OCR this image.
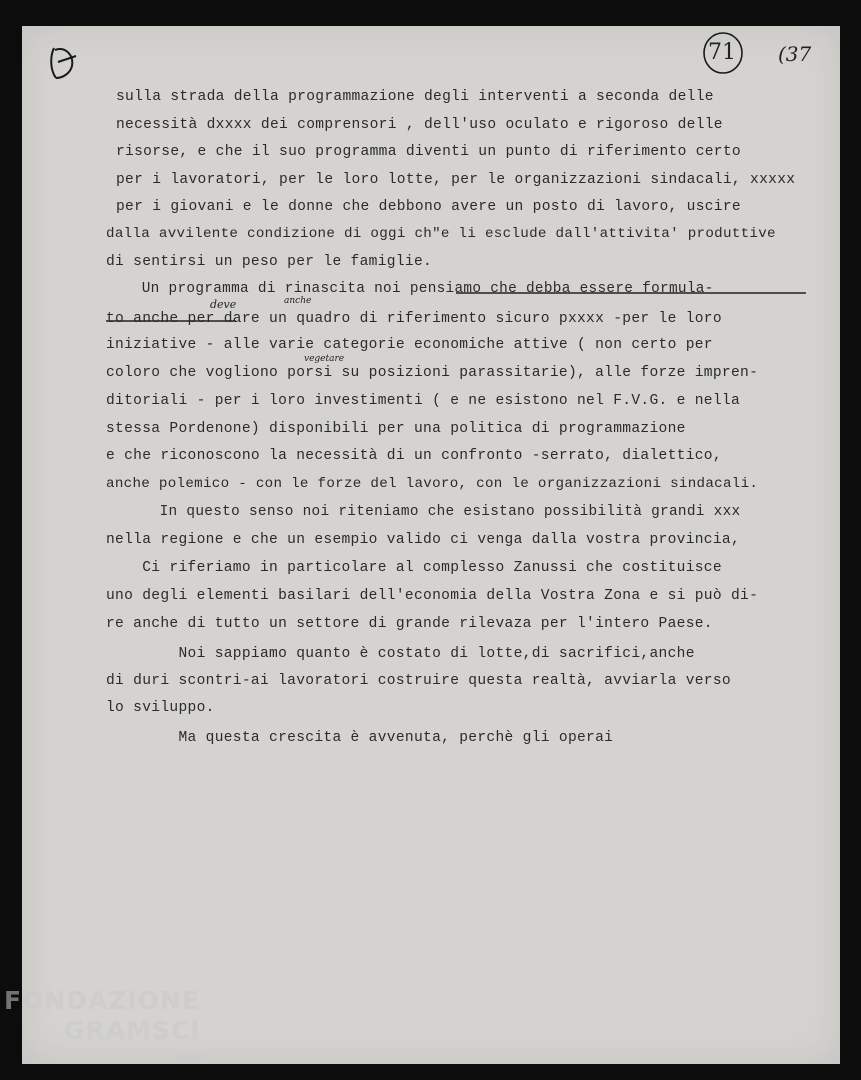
71 (37
sulla strada della programmazione degli interventi a seconda delle
necessità dxxxx dei comprensori , dell'uso oculato e rigoroso delle
risorse, e che il suo programma diventi un punto di riferimento certo
per i lavoratori, per le loro lotte, per le organizzazioni sindacali, xxxxx
per i giovani e le donne che debbono avere un posto di lavoro, uscire
dalla avvilente condizione di oggi ch"e li esclude dall'attivita' produttive
di sentirsi un peso per le famiglie.
Un programma di rinascita noi pensiamo che debba essere formula-
to anche per dare un quadro di riferimento sicuro pxxxx -per le loro
iniziative - alle varie categorie economiche attive ( non certo per
coloro che vogliono porsi su posizioni parassitarie), alle forze impren-
ditoriali - per i loro investimenti ( e ne esistono nel F.V.G. e nella
stessa Pordenone) disponibili per una politica di programmazione
e che riconoscono la necessità di un confronto -serrato, dialettico,
anche polemico - con le forze del lavoro, con le organizzazioni sindacali.
In questo senso noi riteniamo che esistano possibilità grandi xxx
nella regione e che un esempio valido ci venga dalla vostra provincia,
Ci riferiamo in particolare al complesso Zanussi che costituisce
uno degli elementi basilari dell'economia della Vostra Zona e si può di-
re anche di tutto un settore di grande rilevaza per l'intero Paese.
Noi sappiamo quanto è costato di lotte,di sacrifici,anche
di duri scontri-ai lavoratori costruire questa realtà, avviarla verso
lo sviluppo.
Ma questa crescita è avvenuta, perchè gli operai
deve	anche
vegetare
FONDAZIONE
GRAMSCI
onlus
